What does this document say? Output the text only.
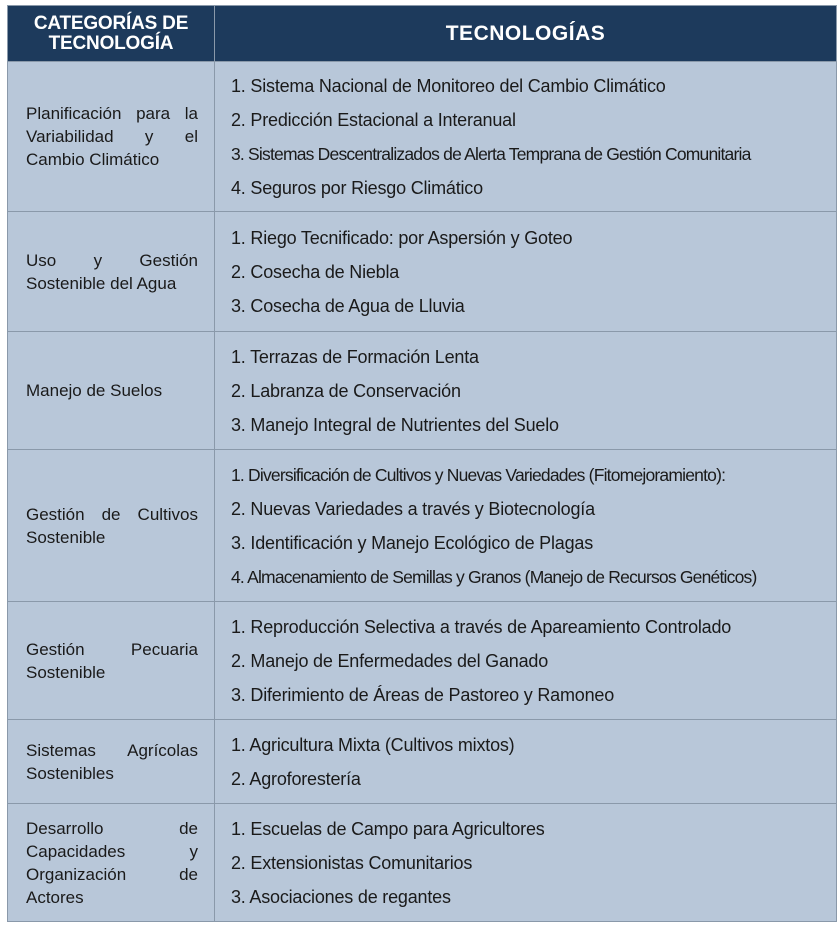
CATEGORÍAS DE TECNOLOGÍA	TECNOLOGÍAS
Planificación para la Variabilidad y el Cambio Climático	1. Sistema Nacional de Monitoreo del Cambio Climático
2. Predicción Estacional a Interanual
3. Sistemas Descentralizados de Alerta Temprana de Gestión Comunitaria
4. Seguros por Riesgo Climático

Uso y Gestión Sostenible del Agua	1. Riego Tecnificado: por Aspersión y Goteo
2. Cosecha de Niebla
3. Cosecha de Agua de Lluvia

Manejo de Suelos	1. Terrazas de Formación Lenta
2. Labranza de Conservación
3. Manejo Integral de Nutrientes del Suelo

Gestión de Cultivos Sostenible	1. Diversificación de Cultivos y Nuevas Variedades (Fitomejoramiento):
2. Nuevas Variedades a través y Biotecnología
3. Identificación y Manejo Ecológico de Plagas
4. Almacenamiento de Semillas y Granos (Manejo de Recursos Genéticos)

Gestión Pecuaria Sostenible	1. Reproducción Selectiva a través de Apareamiento Controlado
2. Manejo de Enfermedades del Ganado
3. Diferimiento de Áreas de Pastoreo y Ramoneo

Sistemas Agrícolas Sostenibles	1. Agricultura Mixta (Cultivos mixtos)
2. Agroforestería

Desarrollo de Capacidades y Organización de Actores	1. Escuelas de Campo para Agricultores
2. Extensionistas Comunitarios
3. Asociaciones de regantes
